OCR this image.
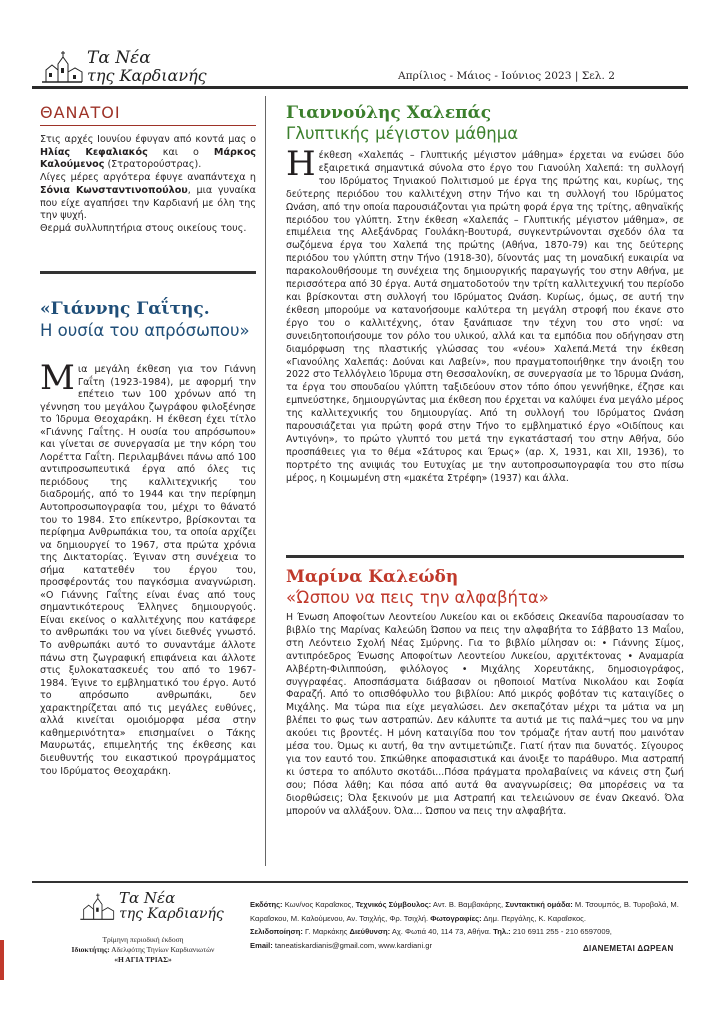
Τα Νέα
της Καρδιανής	Απρίλιος - Μάιος - Ιούνιος 2023 | Σελ. 2
ΘΑΝΑΤΟΙ

Στις αρχές Ιουνίου έφυγαν από κοντά μας ο Ηλίας Κεφαλιακός και ο Μάρκος Καλούμενος (Στρατορούστρας).

Λίγες μέρες αργότερα έφυγε αναπάντεχα η Σόνια Κωνσταντινοπούλου, μια γυναίκα που είχε αγαπήσει την Καρδιανή με όλη της την ψυχή.

Θερμά συλλυπητήρια στους οικείους τους.

«Γιάννης Γαΐτης.
Η ουσία του απρόσωπου»
Μ ια μεγάλη έκθεση για τον Γιάννη Γαΐτη (1923-1984), με αφορμή την επέτειο των 100 χρόνων από τη γέννηση του μεγάλου ζωγράφου φιλοξένησε το Ίδρυμα Θεοχαράκη. Η έκθεση έχει τίτλο «Γιάννης Γαΐτης. Η ουσία του απρόσωπου» και γίνεται σε συνεργασία με την κόρη του Λορέττα Γαΐτη. Περιλαμβάνει πάνω από 100 αντιπροσωπευτικά έργα από όλες τις περιόδους της καλλιτεχνικής του διαδρομής, από το 1944 και την περίφημη Αυτοπροσωπογραφία του, μέχρι το θάνατό του το 1984. Στο επίκεντρο, βρίσκονται τα περίφημα Ανθρωπάκια του, τα οποία αρχίζει να δημιουργεί το 1967, στα πρώτα χρόνια της Δικτατορίας. Έγιναν στη συνέχεια το σήμα κατατεθέν του έργου του, προσφέροντάς του παγκόσμια αναγνώριση. «Ο Γιάννης Γαΐτης είναι ένας από τους σημαντικότερους Έλληνες δημιουργούς. Είναι εκείνος ο καλλιτέχνης που κατάφερε το ανθρωπάκι του να γίνει διεθνές γνωστό. Το ανθρωπάκι αυτό το συναντάμε άλλοτε πάνω στη ζωγραφική επιφάνεια και άλλοτε στις ξυλοκατασκευές του από το 1967-1984. Έγινε το εμβληματικό του έργο. Αυτό το απρόσωπο ανθρωπάκι, δεν χαρακτηρίζεται από τις μεγάλες ευθύνες, αλλά κινείται ομοιόμορφα μέσα στην καθημερινότητα» επισημαίνει ο Τάκης Μαυρωτάς, επιμελητής της έκθεσης και διευθυντής του εικαστικού προγράμματος του Ιδρύματος Θεοχαράκη.
Γιαννούλης Χαλεπάς
Γλυπτικής μέγιστον μάθημα
Η έκθεση «Χαλεπάς – Γλυπτικής μέγιστον μάθημα» έρχεται να ενώσει δύο εξαιρετικά σημαντικά σύνολα στο έργο του Γιανούλη Χαλεπά: τη συλλογή του Ιδρύματος Τηνιακού Πολιτισμού με έργα της πρώτης και, κυρίως, της δεύτερης περιόδου του καλλιτέχνη στην Τήνο και τη συλλογή του Ιδρύματος Ωνάση, από την οποία παρουσιάζονται για πρώτη φορά έργα της τρίτης, αθηναϊκής περιόδου του γλύπτη. Στην έκθεση «Χαλεπάς – Γλυπτικής μέγιστον μάθημα», σε επιμέλεια της Αλεξάνδρας Γουλάκη-Βουτυρά, συγκεντρώνονται σχεδόν όλα τα σωζόμενα έργα του Χαλεπά της πρώτης (Αθήνα, 1870-79) και της δεύτερης περιόδου του γλύπτη στην Τήνο (1918-30), δίνοντάς μας τη μοναδική ευκαιρία να παρακολουθήσουμε τη συνέχεια της δημιουργικής παραγωγής του στην Αθήνα, με περισσότερα από 30 έργα. Αυτά σηματοδοτούν την τρίτη καλλιτεχνική του περίοδο και βρίσκονται στη συλλογή του Ιδρύματος Ωνάση. Κυρίως, όμως, σε αυτή την έκθεση μπορούμε να κατανοήσουμε καλύτερα τη μεγάλη στροφή που έκανε στο έργο του ο καλλιτέχνης, όταν ξανάπιασε την τέχνη του στο νησί: να συνειδητοποιήσουμε τον ρόλο του υλικού, αλλά και τα εμπόδια που οδήγησαν στη διαμόρφωση της πλαστικής γλώσσας του «νέου» Χαλεπά.Μετά την έκθεση «Γιανούλης Χαλεπάς: Δούναι και Λαβείν», που πραγματοποιήθηκε την άνοιξη του 2022 στο Τελλόγλειο Ίδρυμα στη Θεσσαλονίκη, σε συνεργασία με το Ίδρυμα Ωνάση, τα έργα του σπουδαίου γλύπτη ταξιδεύουν στον τόπο όπου γεννήθηκε, έζησε και εμπνεύστηκε, δημιουργώντας μια έκθεση που έρχεται να καλύψει ένα μεγάλο μέρος της καλλιτεχνικής του δημιουργίας. Από τη συλλογή του Ιδρύματος Ωνάση παρουσιάζεται για πρώτη φορά στην Τήνο το εμβληματικό έργο «Οιδίπους και Αντιγόνη», το πρώτο γλυπτό του μετά την εγκατάστασή του στην Αθήνα, δύο προσπάθειες για το θέμα «Σάτυρος και Έρως» (αρ. Χ, 1931, και ΧΙΙ, 1936), το πορτρέτο της ανιψιάς του Ευτυχίας με την αυτοπροσωπογραφία του στο πίσω μέρος, η Κοιμωμένη στη «μακέτα Στρέφη» (1937) και άλλα.
Μαρίνα Καλεώδη
«Ώσπου να πεις την αλφαβήτα»
Η Ένωση Αποφοίτων Λεοντείου Λυκείου και οι εκδόσεις Ωκεανίδα παρουσίασαν το βιβλίο της Μαρίνας Καλεώδη Ώσπου να πεις την αλφαβήτα το Σάββατο 13 Μαΐου, στη Λεόντειο Σχολή Νέας Σμύρνης. Για το βιβλίο μίλησαν οι: • Γιάννης Σίμος, αντιπρόεδρος Ένωσης Αποφοίτων Λεοντείου Λυκείου, αρχιτέκτονας • Αναμαρία Αλβέρτη-Φιλιππούση, φιλόλογος • Μιχάλης Χορευτάκης, δημοσιογράφος, συγγραφέας. Αποσπάσματα διάβασαν οι ηθοποιοί Ματίνα Νικολάου και Σοφία Φαραζή. Από το οπισθόφυλλο του βιβλίου: Από μικρός φοβόταν τις καταιγίδες ο Μιχάλης. Μα τώρα πια είχε μεγαλώσει. Δεν σκεπαζόταν μέχρι τα μάτια να μη βλέπει το φως των αστραπών. Δεν κάλυπτε τα αυτιά με τις παλά¬μες του να μην ακούει τις βροντές. Η μόνη καταιγίδα που τον τρόμαζε ήταν αυτή που μαινόταν μέσα του. Όμως κι αυτή, θα την αντιμετώπιζε. Γιατί ήταν πια δυνατός. Σίγουρος για τον εαυτό του. Σπκώθηκε αποφασιστικά και άνοιξε το παράθυρο. Μια αστραπή κι ύστερα το απόλυτο σκοτάδι...Πόσα πράγματα προλαβαίνεις να κάνεις στη ζωή σου; Πόσα λάθη; Και πόσα από αυτά θα αναγνωρίσεις; Θα μπορέσεις να τα διορθώσεις; Όλα ξεκινούν με μια Αστραπή και τελειώνουν σε έναν Ωκεανό. Όλα μπορούν να αλλάξουν. Όλα... Ώσπου να πεις την αλφαβήτα.
Τα Νέα
της Καρδιανής
Τρίμηνη περιοδική έκδοση
Ιδιοκτήτης: Αδελφότης Τηνίων Καρδιανιωτών
«Η ΑΓΙΑ ΤΡΙΑΣ»
Εκδότης: Κων/νος Καραΐσκος, Τεχνικός Σύμβουλος: Αντ. Β. Βαμβακάρης, Συντακτική ομάδα: Μ. Τσουμπός, Β. Τυροβολά, Μ. Καραΐσκου, Μ. Καλούμενου, Αν. Τσιχλής, Φρ. Τσιχλή. Φωτογραφίες: Δημ. Περγάλης, Κ. Καραΐσκος.
Σελιδοποίηση: Γ. Μαρκάκης Διεύθυνση: Αχ. Φωτιά 40, 114 73, Αθήνα. Τηλ.: 210 6911 255 - 210 6597009,
Email: taneatiskardianis@gmail.com, www.kardiani.gr	ΔΙΑΝΕΜΕΤΑΙ ΔΩΡΕΑΝ
